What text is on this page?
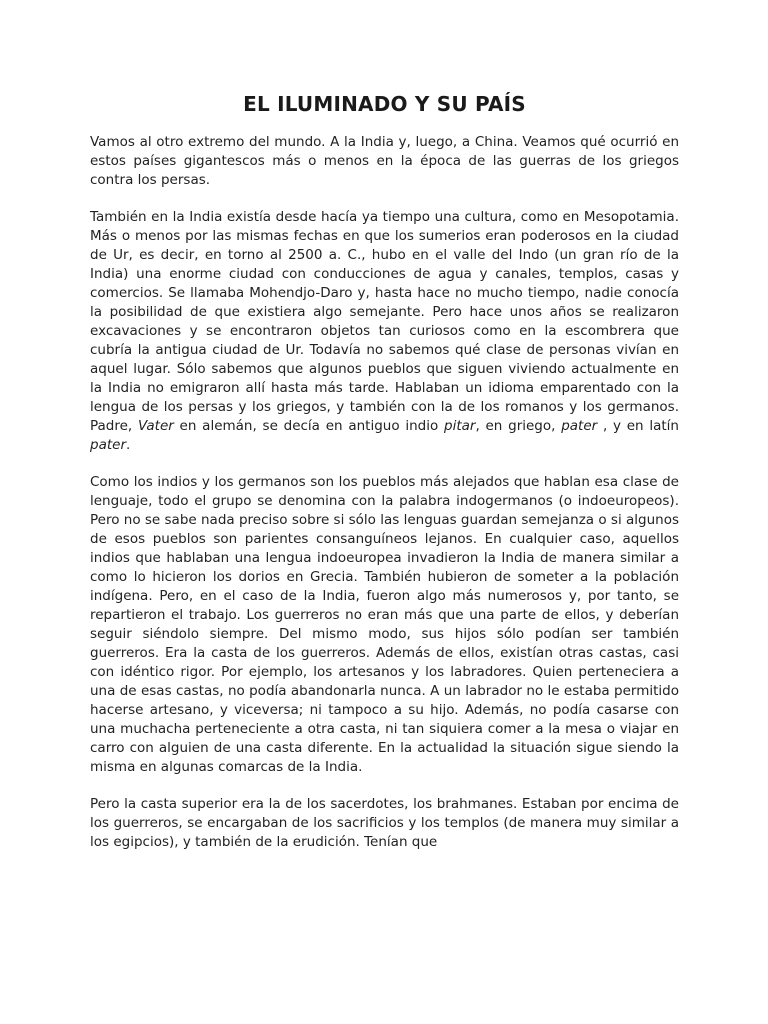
EL ILUMINADO Y SU PAÍS

Vamos al otro extremo del mundo. A la India y, luego, a China. Veamos qué ocurrió en estos países gigantescos más o menos en la época de las guerras de los griegos contra los persas.

También en la India existía desde hacía ya tiempo una cultura, como en Mesopotamia. Más o menos por las mismas fechas en que los sumerios eran poderosos en la ciudad de Ur, es decir, en torno al 2500 a. C., hubo en el valle del Indo (un gran río de la India) una enorme ciudad con conducciones de agua y canales, templos, casas y comercios. Se llamaba Mohendjo-Daro y, hasta hace no mucho tiempo, nadie conocía la posibilidad de que existiera algo semejante. Pero hace unos años se realizaron excavaciones y se encontraron objetos tan curiosos como en la escombrera que cubría la antigua ciudad de Ur. Todavía no sabemos qué clase de personas vivían en aquel lugar. Sólo sabemos que algunos pueblos que siguen viviendo actualmente en la India no emigraron allí hasta más tarde. Hablaban un idioma emparentado con la lengua de los persas y los griegos, y también con la de los romanos y los germanos. Padre, Vater en alemán, se decía en antiguo indio pitar, en griego, pater , y en latín pater.

Como los indios y los germanos son los pueblos más alejados que hablan esa clase de lenguaje, todo el grupo se denomina con la palabra indogermanos (o indoeuropeos). Pero no se sabe nada preciso sobre si sólo las lenguas guardan semejanza o si algunos de esos pueblos son parientes consanguíneos lejanos. En cualquier caso, aquellos indios que hablaban una lengua indoeuropea invadieron la India de manera similar a como lo hicieron los dorios en Grecia. También hubieron de someter a la población indígena. Pero, en el caso de la India, fueron algo más numerosos y, por tanto, se repartieron el trabajo. Los guerreros no eran más que una parte de ellos, y deberían seguir siéndolo siempre. Del mismo modo, sus hijos sólo podían ser también guerreros. Era la casta de los guerreros. Además de ellos, existían otras castas, casi con idéntico rigor. Por ejemplo, los artesanos y los labradores. Quien perteneciera a una de esas castas, no podía abandonarla nunca. A un labrador no le estaba permitido hacerse artesano, y viceversa; ni tampoco a su hijo. Además, no podía casarse con una muchacha perteneciente a otra casta, ni tan siquiera comer a la mesa o viajar en carro con alguien de una casta diferente. En la actualidad la situación sigue siendo la misma en algunas comarcas de la India.

Pero la casta superior era la de los sacerdotes, los brahmanes. Estaban por encima de los guerreros, se encargaban de los sacrificios y los templos (de manera muy similar a los egipcios), y también de la erudición. Tenían que
